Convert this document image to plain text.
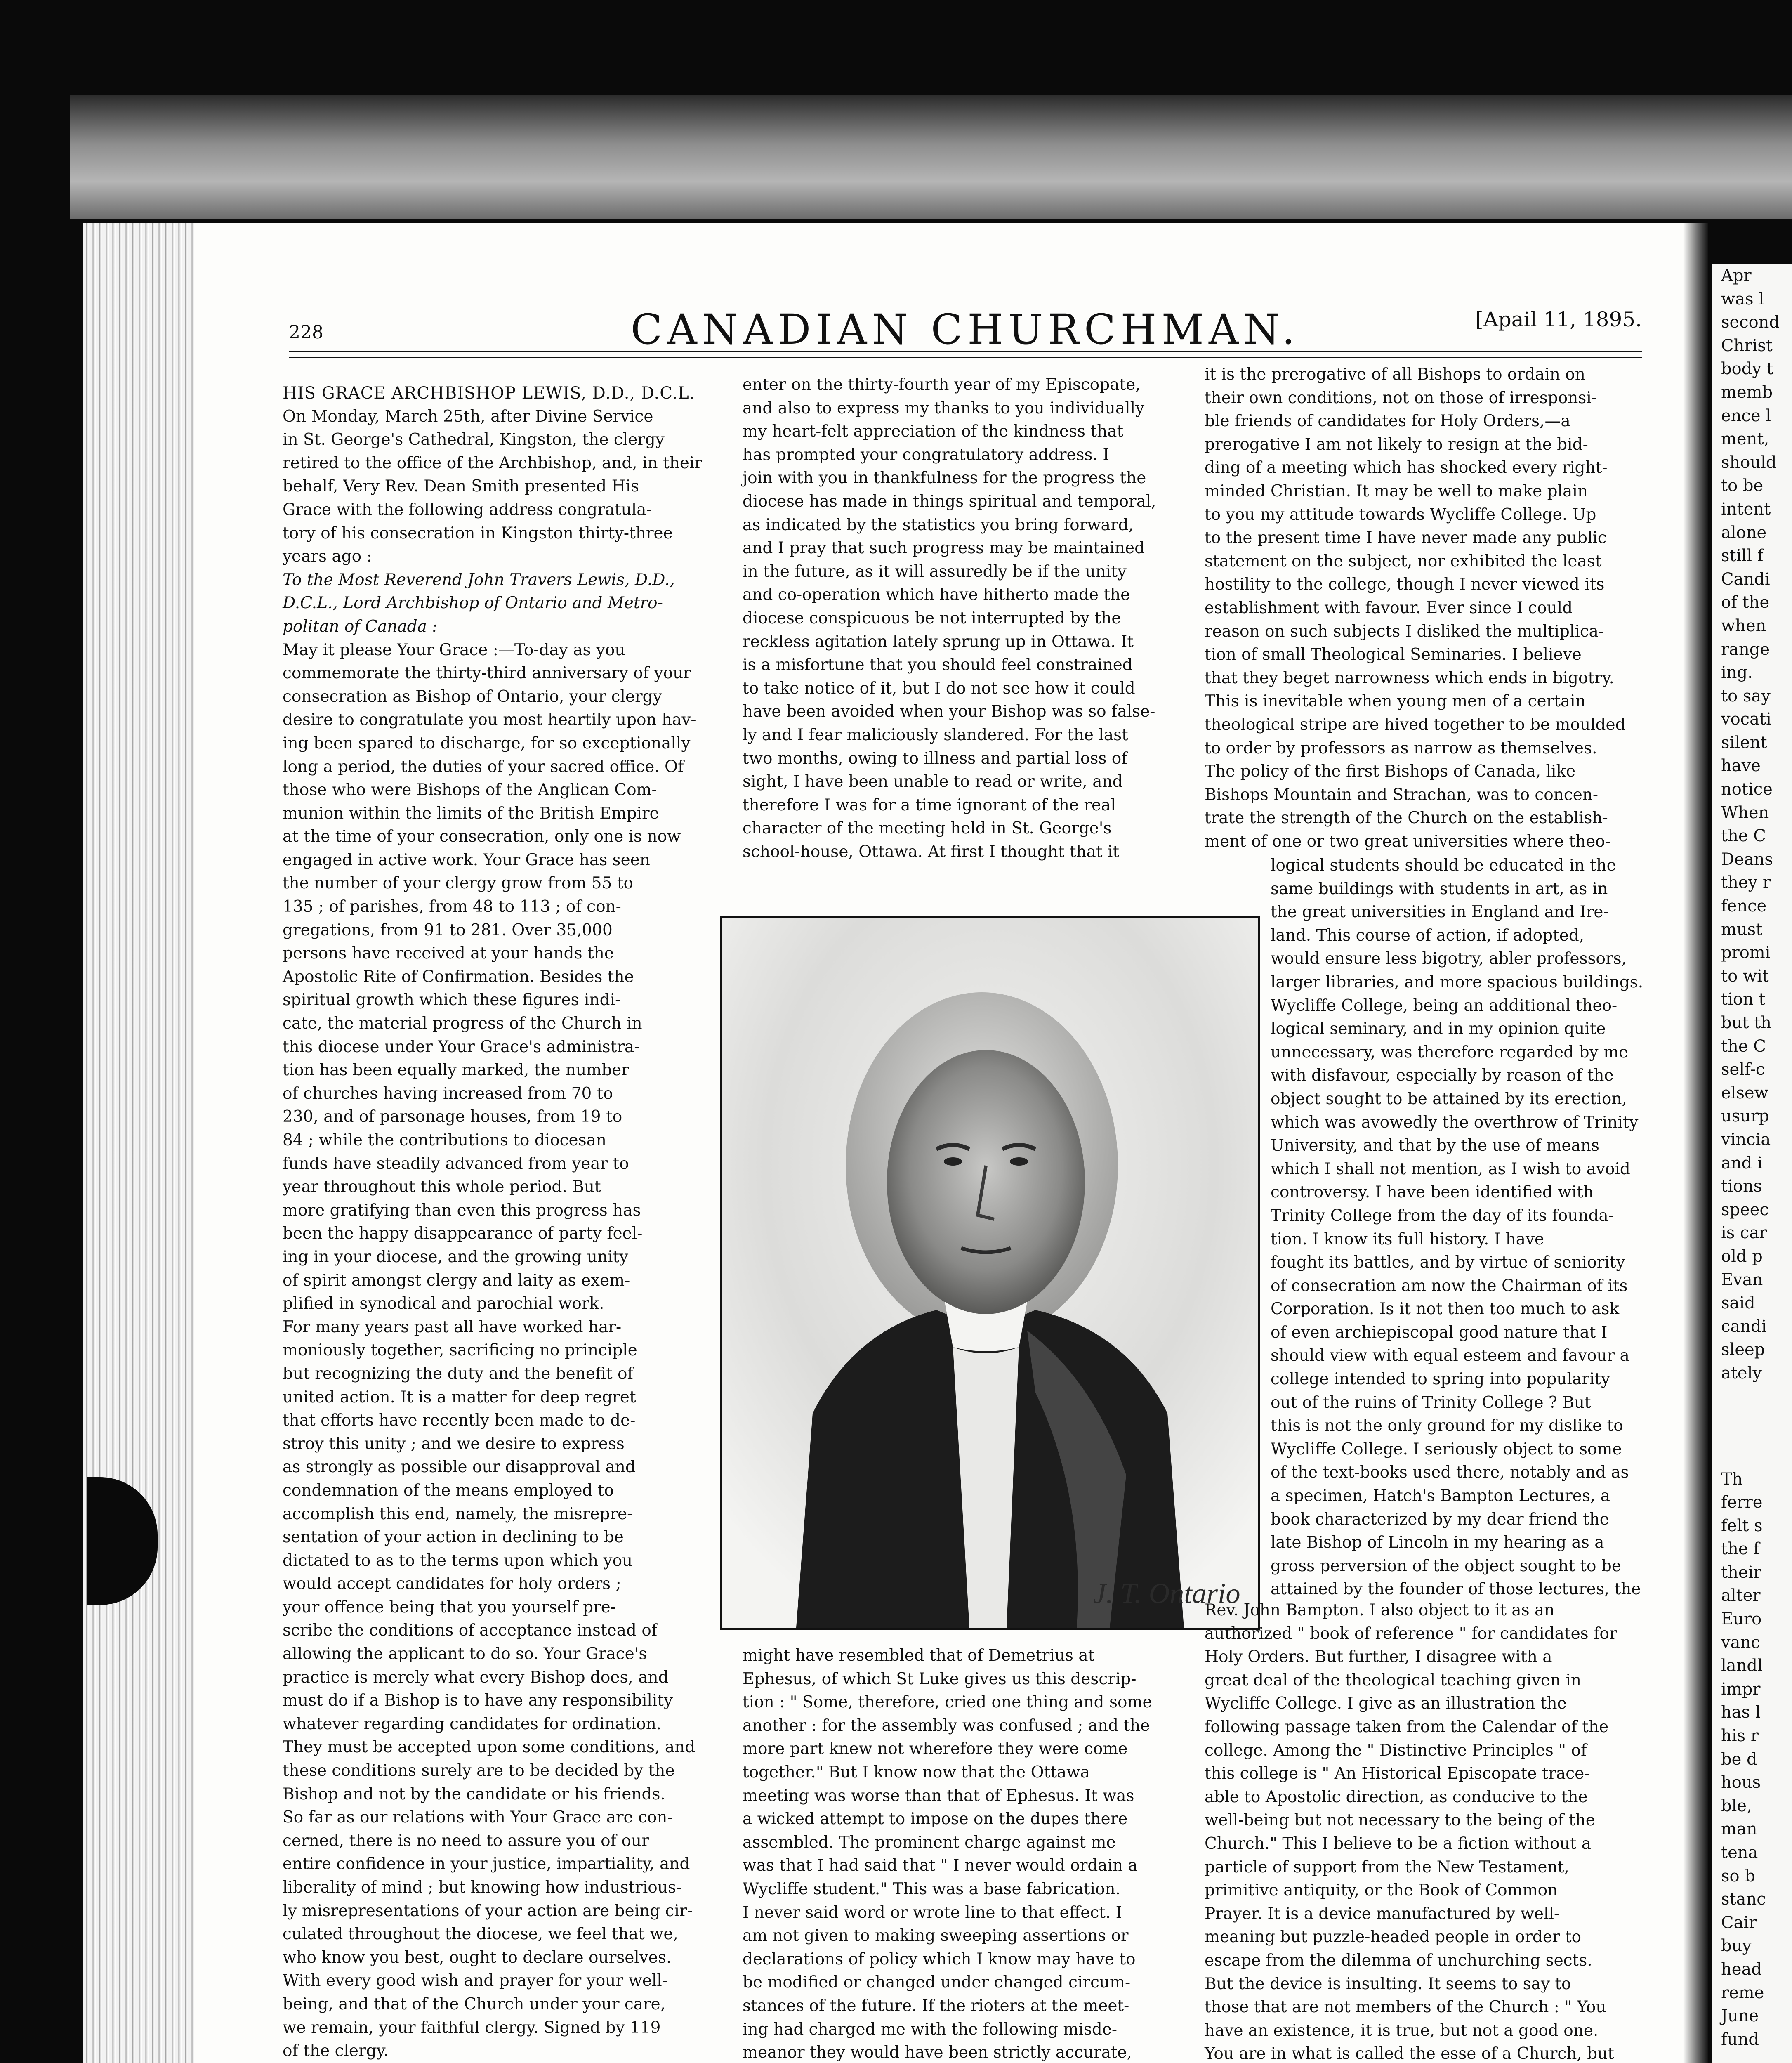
Apr
was l
second
Christ
body t
memb
ence l
ment,
should
to be
intent
alone
still f
Candi
of the
when
range
ing.
to say
vocati
silent
have
notice
When
the C
Deans
they r
fence
must
promi
to wit
tion t
but th
the C
self-c
elsew
usurp
vincia
and i
tions
speec
is car
old p
Evan
said
candi
sleep
ately
Th
ferre
felt s
the f
their
alter
Euro
vanc
landl
impr
has l
his r
be d
hous
ble,
man
tena
so b
stanc
Cair
buy
head
reme
June
fund
228	CANADIAN CHURCHMAN.	[Apail 11, 1895.
HIS GRACE ARCHBISHOP LEWIS, D.D., D.C.L.
On Monday, March 25th, after Divine Service
in St. George's Cathedral, Kingston, the clergy
retired to the office of the Archbishop, and, in their
behalf, Very Rev. Dean Smith presented His
Grace with the following address congratula-
tory of his consecration in Kingston thirty-three
years ago :
To the Most Reverend John Travers Lewis, D.D.,
D.C.L., Lord Archbishop of Ontario and Metro-
politan of Canada :
May it please Your Grace :—To-day as you
commemorate the thirty-third anniversary of your
consecration as Bishop of Ontario, your clergy
desire to congratulate you most heartily upon hav-
ing been spared to discharge, for so exceptionally
long a period, the duties of your sacred office. Of
those who were Bishops of the Anglican Com-
munion within the limits of the British Empire
at the time of your consecration, only one is now
engaged in active work. Your Grace has seen
the number of your clergy grow from 55 to
135 ; of parishes, from 48 to 113 ; of con-
gregations, from 91 to 281. Over 35,000
persons have received at your hands the
Apostolic Rite of Confirmation. Besides the
spiritual growth which these figures indi-
cate, the material progress of the Church in
this diocese under Your Grace's administra-
tion has been equally marked, the number
of churches having increased from 70 to
230, and of parsonage houses, from 19 to
84 ; while the contributions to diocesan
funds have steadily advanced from year to
year throughout this whole period. But
more gratifying than even this progress has
been the happy disappearance of party feel-
ing in your diocese, and the growing unity
of spirit amongst clergy and laity as exem-
plified in synodical and parochial work.
For many years past all have worked har-
moniously together, sacrificing no principle
but recognizing the duty and the benefit of
united action. It is a matter for deep regret
that efforts have recently been made to de-
stroy this unity ; and we desire to express
as strongly as possible our disapproval and
condemnation of the means employed to
accomplish this end, namely, the misrepre-
sentation of your action in declining to be
dictated to as to the terms upon which you
would accept candidates for holy orders ;
your offence being that you yourself pre-
scribe the conditions of acceptance instead of
allowing the applicant to do so. Your Grace's
practice is merely what every Bishop does, and
must do if a Bishop is to have any responsibility
whatever regarding candidates for ordination.
They must be accepted upon some conditions, and
these conditions surely are to be decided by the
Bishop and not by the candidate or his friends.
So far as our relations with Your Grace are con-
cerned, there is no need to assure you of our
entire confidence in your justice, impartiality, and
liberality of mind ; but knowing how industrious-
ly misrepresentations of your action are being cir-
culated throughout the diocese, we feel that we,
who know you best, ought to declare ourselves.
With every good wish and prayer for your well-
being, and that of the Church under your care,
we remain, your faithful clergy. Signed by 119
of the clergy.
enter on the thirty-fourth year of my Episcopate,
and also to express my thanks to you individually
my heart-felt appreciation of the kindness that
has prompted your congratulatory address. I
join with you in thankfulness for the progress the
diocese has made in things spiritual and temporal,
as indicated by the statistics you bring forward,
and I pray that such progress may be maintained
in the future, as it will assuredly be if the unity
and co-operation which have hitherto made the
diocese conspicuous be not interrupted by the
reckless agitation lately sprung up in Ottawa. It
is a misfortune that you should feel constrained
to take notice of it, but I do not see how it could
have been avoided when your Bishop was so false-
ly and I fear maliciously slandered. For the last
two months, owing to illness and partial loss of
sight, I have been unable to read or write, and
therefore I was for a time ignorant of the real
character of the meeting held in St. George's
school-house, Ottawa. At first I thought that it
J. T. Ontario
might have resembled that of Demetrius at
Ephesus, of which St Luke gives us this descrip-
tion : " Some, therefore, cried one thing and some
another : for the assembly was confused ; and the
more part knew not wherefore they were come
together." But I know now that the Ottawa
meeting was worse than that of Ephesus. It was
a wicked attempt to impose on the dupes there
assembled. The prominent charge against me
was that I had said that " I never would ordain a
Wycliffe student." This was a base fabrication.
I never said word or wrote line to that effect. I
am not given to making sweeping assertions or
declarations of policy which I know may have to
be modified or changed under changed circum-
stances of the future. If the rioters at the meet-
ing had charged me with the following misde-
meanor they would have been strictly accurate,
it is the prerogative of all Bishops to ordain on
their own conditions, not on those of irresponsi-
ble friends of candidates for Holy Orders,—a
prerogative I am not likely to resign at the bid-
ding of a meeting which has shocked every right-
minded Christian. It may be well to make plain
to you my attitude towards Wycliffe College. Up
to the present time I have never made any public
statement on the subject, nor exhibited the least
hostility to the college, though I never viewed its
establishment with favour. Ever since I could
reason on such subjects I disliked the multiplica-
tion of small Theological Seminaries. I believe
that they beget narrowness which ends in bigotry.
This is inevitable when young men of a certain
theological stripe are hived together to be moulded
to order by professors as narrow as themselves.
The policy of the first Bishops of Canada, like
Bishops Mountain and Strachan, was to concen-
trate the strength of the Church on the establish-
ment of one or two great universities where theo-
logical students should be educated in the
same buildings with students in art, as in
the great universities in England and Ire-
land. This course of action, if adopted,
would ensure less bigotry, abler professors,
larger libraries, and more spacious buildings.
Wycliffe College, being an additional theo-
logical seminary, and in my opinion quite
unnecessary, was therefore regarded by me
with disfavour, especially by reason of the
object sought to be attained by its erection,
which was avowedly the overthrow of Trinity
University, and that by the use of means
which I shall not mention, as I wish to avoid
controversy. I have been identified with
Trinity College from the day of its founda-
tion. I know its full history. I have
fought its battles, and by virtue of seniority
of consecration am now the Chairman of its
Corporation. Is it not then too much to ask
of even archiepiscopal good nature that I
should view with equal esteem and favour a
college intended to spring into popularity
out of the ruins of Trinity College ? But
this is not the only ground for my dislike to
Wycliffe College. I seriously object to some
of the text-books used there, notably and as
a specimen, Hatch's Bampton Lectures, a
book characterized by my dear friend the
late Bishop of Lincoln in my hearing as a
gross perversion of the object sought to be
attained by the founder of those lectures, the
Rev. John Bampton. I also object to it as an
authorized " book of reference " for candidates for
Holy Orders. But further, I disagree with a
great deal of the theological teaching given in
Wycliffe College. I give as an illustration the
following passage taken from the Calendar of the
college. Among the " Distinctive Principles " of
this college is " An Historical Episcopate trace-
able to Apostolic direction, as conducive to the
well-being but not necessary to the being of the
Church." This I believe to be a fiction without a
particle of support from the New Testament,
primitive antiquity, or the Book of Common
Prayer. It is a device manufactured by well-
meaning but puzzle-headed people in order to
escape from the dilemma of unchurching sects.
But the device is insulting. It seems to say to
those that are not members of the Church : " You
have an existence, it is true, but not a good one.
You are in what is called the esse of a Church, but
